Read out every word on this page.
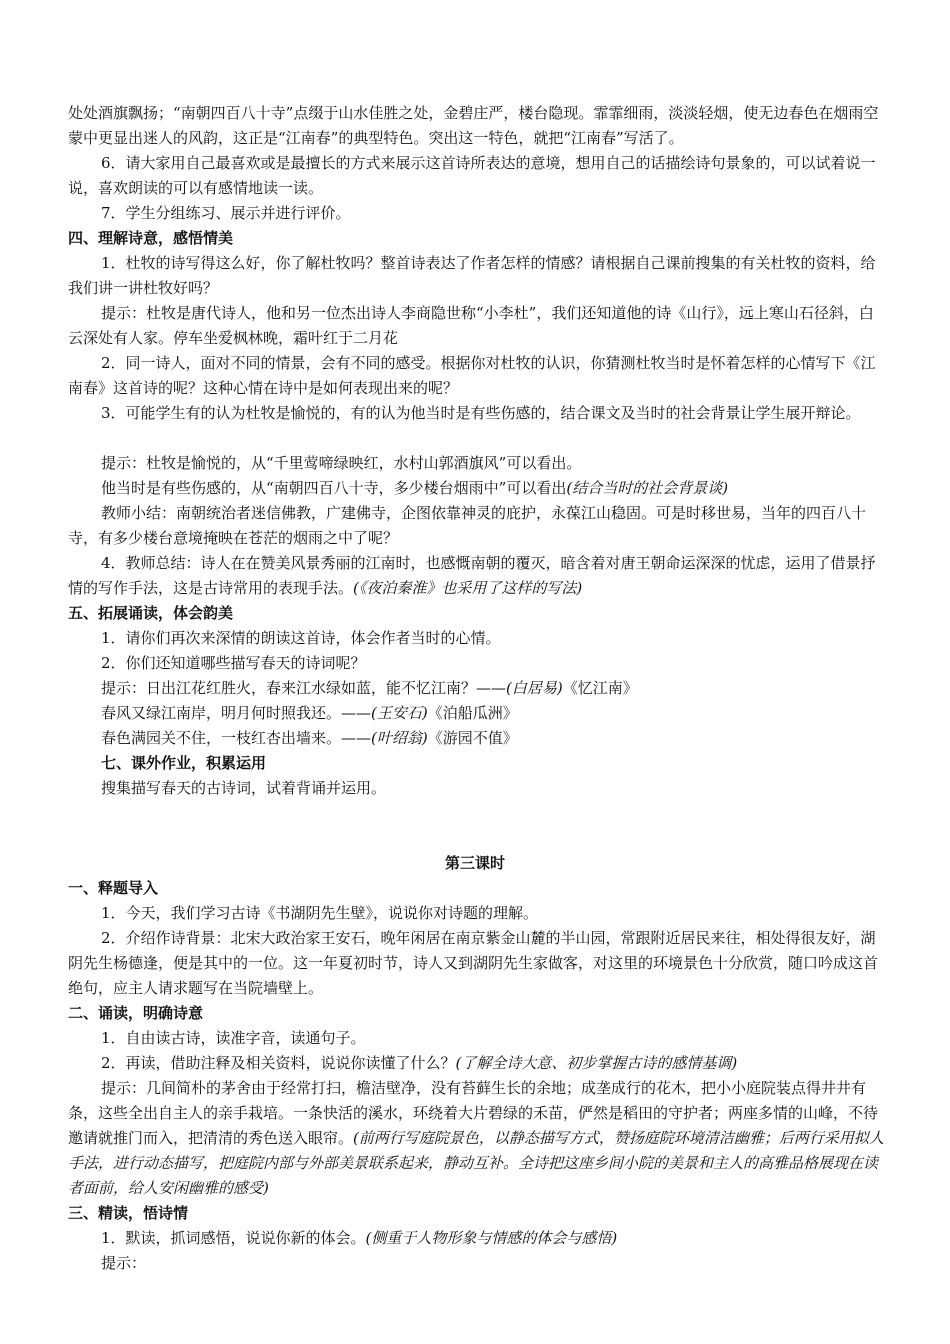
处处酒旗飘扬；“南朝四百八十寺”点缀于山水佳胜之处，金碧庄严，楼台隐现。霏霏细雨，淡淡轻烟，使无边春色在烟雨空蒙中更显出迷人的风韵，这正是“江南春”的典型特色。突出这一特色，就把“江南春”写活了。

6．请大家用自己最喜欢或是最擅长的方式来展示这首诗所表达的意境，想用自己的话描绘诗句景象的，可以试着说一说，喜欢朗读的可以有感情地读一读。

7．学生分组练习、展示并进行评价。

四、理解诗意，感悟情美

1．杜牧的诗写得这么好，你了解杜牧吗？整首诗表达了作者怎样的情感？请根据自己课前搜集的有关杜牧的资料，给我们讲一讲杜牧好吗？

提示：杜牧是唐代诗人，他和另一位杰出诗人李商隐世称“小李杜”，我们还知道他的诗《山行》，远上寒山石径斜，白云深处有人家。停车坐爱枫林晚，霜叶红于二月花

2．同一诗人，面对不同的情景，会有不同的感受。根据你对杜牧的认识，你猜测杜牧当时是怀着怎样的心情写下《江南春》这首诗的呢？这种心情在诗中是如何表现出来的呢？

3．可能学生有的认为杜牧是愉悦的，有的认为他当时是有些伤感的，结合课文及当时的社会背景让学生展开辩论。

提示：杜牧是愉悦的，从“千里莺啼绿映红，水村山郭酒旗风”可以看出。

他当时是有些伤感的，从“南朝四百八十寺，多少楼台烟雨中”可以看出(结合当时的社会背景谈)

教师小结：南朝统治者迷信佛教，广建佛寺，企图依靠神灵的庇护，永葆江山稳固。可是时移世易，当年的四百八十寺，有多少楼台意境掩映在苍茫的烟雨之中了呢？

4．教师总结：诗人在在赞美风景秀丽的江南时，也感慨南朝的覆灭，暗含着对唐王朝命运深深的忧虑，运用了借景抒情的写作手法，这是古诗常用的表现手法。(《夜泊秦淮》也采用了这样的写法)

五、拓展诵读，体会韵美

1．请你们再次来深情的朗读这首诗，体会作者当时的心情。

2．你们还知道哪些描写春天的诗词呢？

提示：日出江花红胜火，春来江水绿如蓝，能不忆江南？——(白居易)《忆江南》

春风又绿江南岸，明月何时照我还。——(王安石)《泊船瓜洲》

春色满园关不住，一枝红杏出墙来。——(叶绍翁)《游园不值》

七、课外作业，积累运用

搜集描写春天的古诗词，试着背诵并运用。

第三课时

一、释题导入

1．今天，我们学习古诗《书湖阴先生壁》，说说你对诗题的理解。

2．介绍作诗背景：北宋大政治家王安石，晚年闲居在南京紫金山麓的半山园，常跟附近居民来往，相处得很友好，湖阴先生杨德逢，便是其中的一位。这一年夏初时节，诗人又到湖阴先生家做客，对这里的环境景色十分欣赏，随口吟成这首绝句，应主人请求题写在当院墙壁上。

二、诵读，明确诗意

1．自由读古诗，读准字音，读通句子。

2．再读，借助注释及相关资料，说说你读懂了什么？(了解全诗大意、初步掌握古诗的感情基调)

提示：几间简朴的茅舍由于经常打扫，檐洁壁净，没有苔藓生长的余地；成垄成行的花木，把小小庭院装点得井井有条，这些全出自主人的亲手栽培。一条快活的溪水，环绕着大片碧绿的禾苗，俨然是稻田的守护者；两座多情的山峰，不待邀请就推门而入，把清清的秀色送入眼帘。(前两行写庭院景色，以静态描写方式，赞扬庭院环境清洁幽雅；后两行采用拟人手法，进行动态描写，把庭院内部与外部美景联系起来，静动互补。全诗把这座乡间小院的美景和主人的高雅品格展现在读者面前，给人安闲幽雅的感受)

三、精读，悟诗情

1．默读，抓词感悟，说说你新的体会。(侧重于人物形象与情感的体会与感悟)

提示：
